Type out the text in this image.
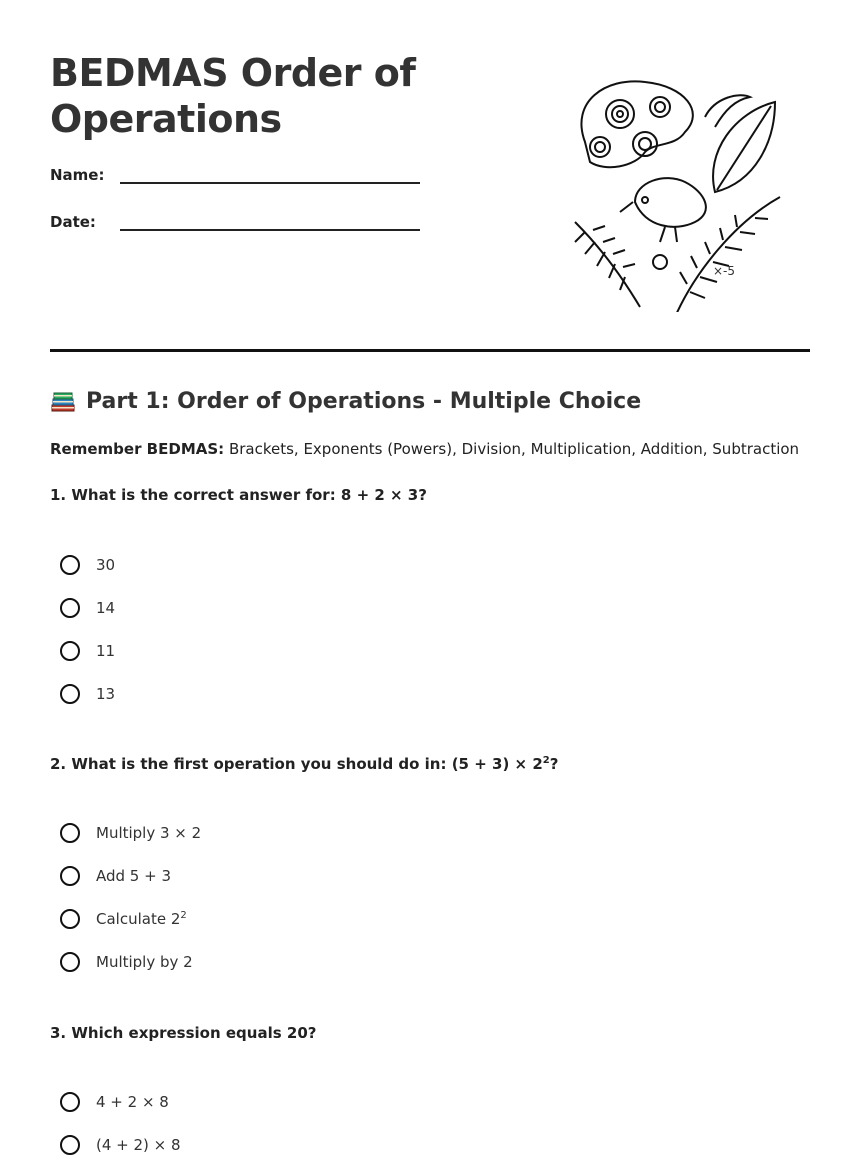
BEDMAS Order of
Operations
Name:
Date:
×-5
Part 1: Order of Operations - Multiple Choice

Remember BEDMAS: Brackets, Exponents (Powers), Division, Multiplication, Addition, Subtraction

1. What is the correct answer for: 8 + 2 × 3?

30
14
11
13

2. What is the first operation you should do in: $(5 + 3) \times 2^2$?

Multiply 3 × 2
Add 5 + 3
Calculate $2^2$
Multiply by 2

3. Which expression equals 20?

4 + 2 × 8
(4 + 2) × 8
